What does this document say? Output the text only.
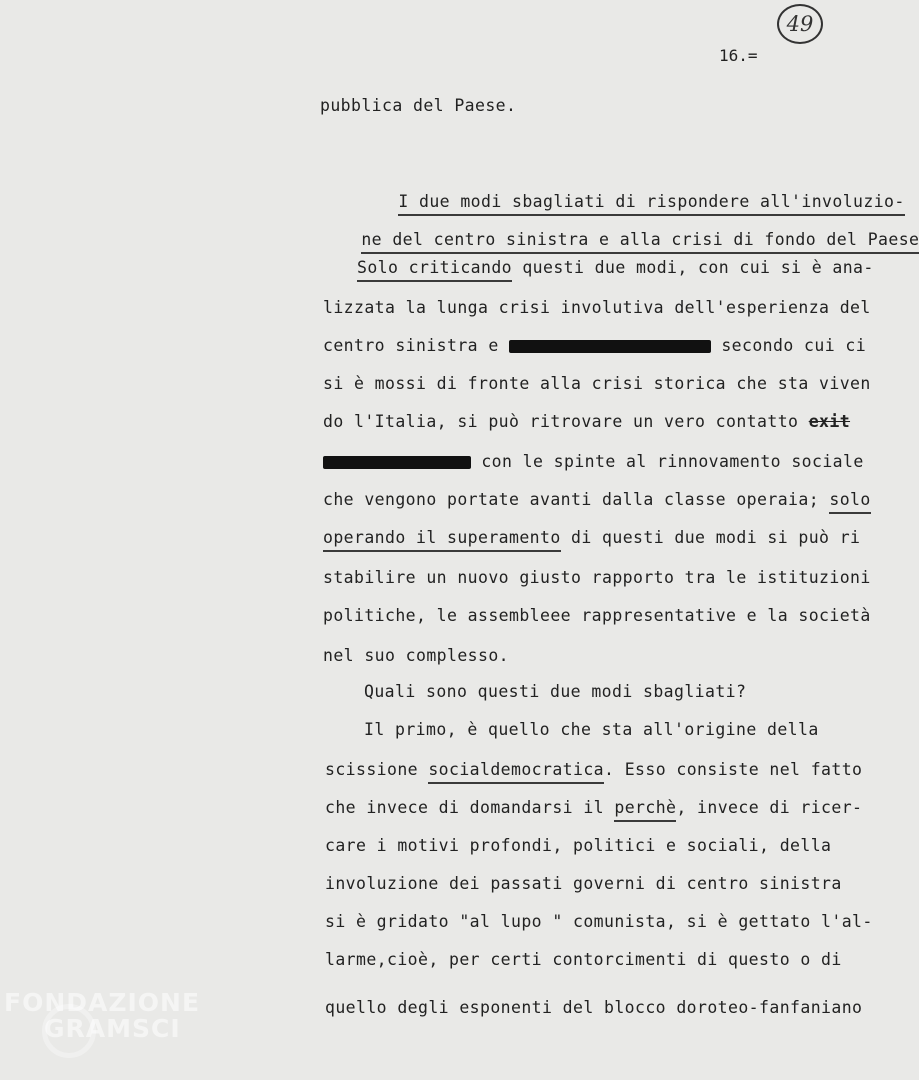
49
16.=
pubblica del Paese.

I due modi sbagliati di rispondere all'involuzio-

ne del centro sinistra e alla crisi di fondo del Paese

Solo criticando questi due modi, con cui si è ana-
lizzata la lunga crisi involutiva dell'esperienza del
centro sinistra e	secondo cui ci
si è mossi di fronte alla crisi storica che sta viven
do l'Italia, si può ritrovare un vero contatto exit
con le spinte al rinnovamento sociale
che vengono portate avanti dalla classe operaia; solo
operando il superamento di questi due modi si può ri
stabilire un nuovo giusto rapporto tra le istituzioni
politiche, le assembleee rappresentative e la società
nel suo complesso.
Quali sono questi due modi sbagliati?
Il primo, è quello che sta all'origine della
scissione socialdemocratica. Esso consiste nel fatto
che invece di domandarsi il perchè, invece di ricer-
care i motivi profondi, politici e sociali, della
involuzione dei passati governi di centro sinistra
si è gridato "al lupo " comunista, si è gettato l'al-
larme,cioè, per certi contorcimenti di questo o di
quello degli esponenti del blocco doroteo-fanfaniano
FONDAZIONE
GRAMSCI
